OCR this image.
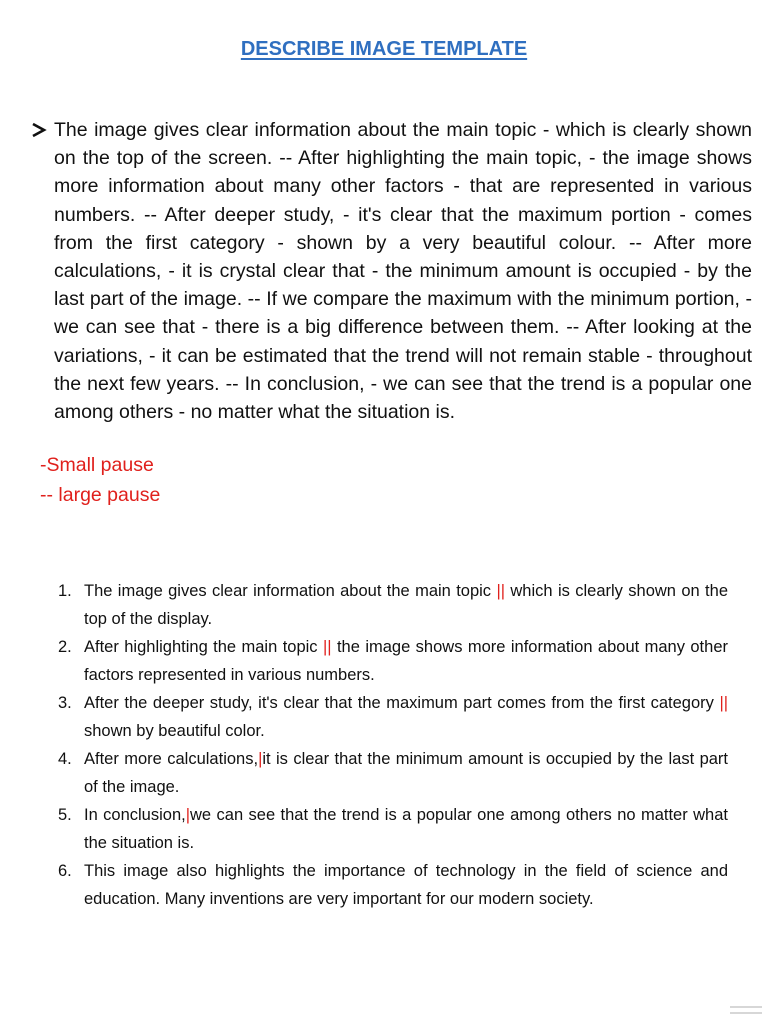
DESCRIBE IMAGE TEMPLATE
The image gives clear information about the main topic - which is clearly shown on the top of the screen. -- After highlighting the main topic, - the image shows more information about many other factors - that are represented in various numbers. -- After deeper study, - it's clear that the maximum portion - comes from the first category - shown by a very beautiful colour. -- After more calculations, - it is crystal clear that - the minimum amount is occupied - by the last part of the image. -- If we compare the maximum with the minimum portion, - we can see that - there is a big difference between them. -- After looking at the variations, - it can be estimated that the trend will not remain stable - throughout the next few years. -- In conclusion, - we can see that the trend is a popular one among others - no matter what the situation is.
-Small pause
-- large pause
1. The image gives clear information about the main topic || which is clearly shown on the top of the display.
2. After highlighting the main topic || the image shows more information about many other factors represented in various numbers.
3. After the deeper study, it's clear that the maximum part comes from the first category || shown by beautiful color.
4. After more calculations,|it is clear that the minimum amount is occupied by the last part of the image.
5. In conclusion,|we can see that the trend is a popular one among others no matter what the situation is.
6. This image also highlights the importance of technology in the field of science and education. Many inventions are very important for our modern society.
